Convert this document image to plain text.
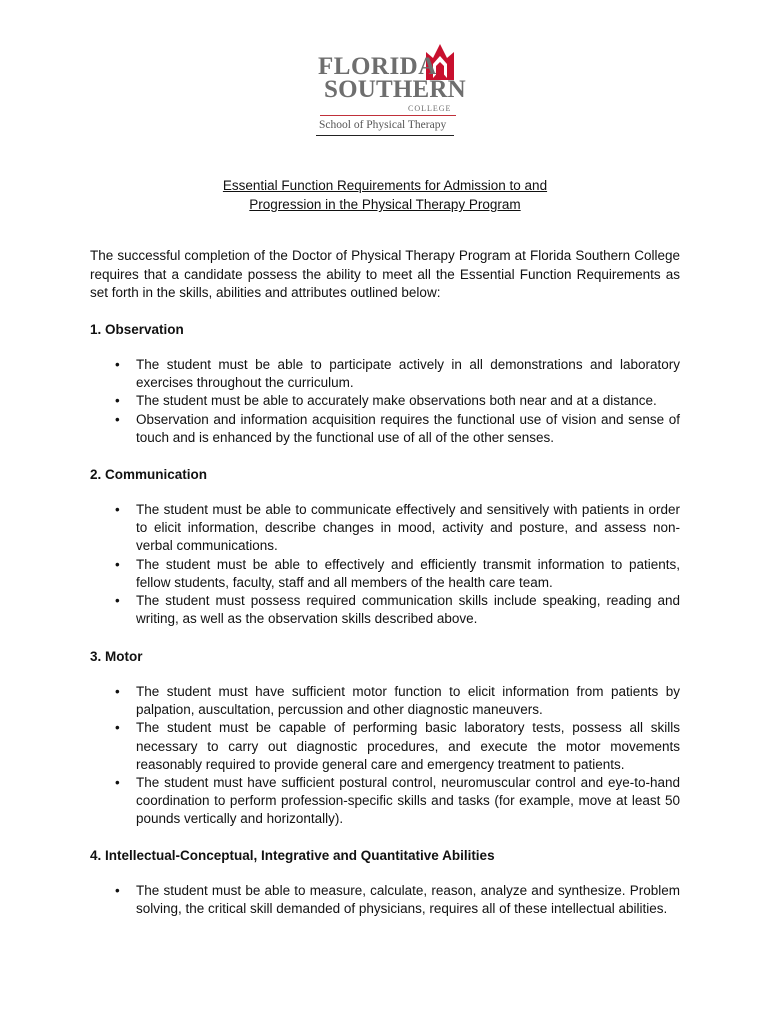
FLORIDA
SOUTHERN
COLLEGE
School of Physical Therapy
Essential Function Requirements for Admission to and
Progression in the Physical Therapy Program
The successful completion of the Doctor of Physical Therapy Program at Florida Southern College requires that a candidate possess the ability to meet all the Essential Function Requirements as set forth in the skills, abilities and attributes outlined below:
1. Observation
• The student must be able to participate actively in all demonstrations and laboratory exercises throughout the curriculum.
• The student must be able to accurately make observations both near and at a distance.
• Observation and information acquisition requires the functional use of vision and sense of touch and is enhanced by the functional use of all of the other senses.
2. Communication
• The student must be able to communicate effectively and sensitively with patients in order to elicit information, describe changes in mood, activity and posture, and assess non-verbal communications.
• The student must be able to effectively and efficiently transmit information to patients, fellow students, faculty, staff and all members of the health care team.
• The student must possess required communication skills include speaking, reading and writing, as well as the observation skills described above.
3. Motor
• The student must have sufficient motor function to elicit information from patients by palpation, auscultation, percussion and other diagnostic maneuvers.
• The student must be capable of performing basic laboratory tests, possess all skills necessary to carry out diagnostic procedures, and execute the motor movements reasonably required to provide general care and emergency treatment to patients.
• The student must have sufficient postural control, neuromuscular control and eye-to-hand coordination to perform profession-specific skills and tasks (for example, move at least 50 pounds vertically and horizontally).
4. Intellectual-Conceptual, Integrative and Quantitative Abilities
• The student must be able to measure, calculate, reason, analyze and synthesize. Problem solving, the critical skill demanded of physicians, requires all of these intellectual abilities.
